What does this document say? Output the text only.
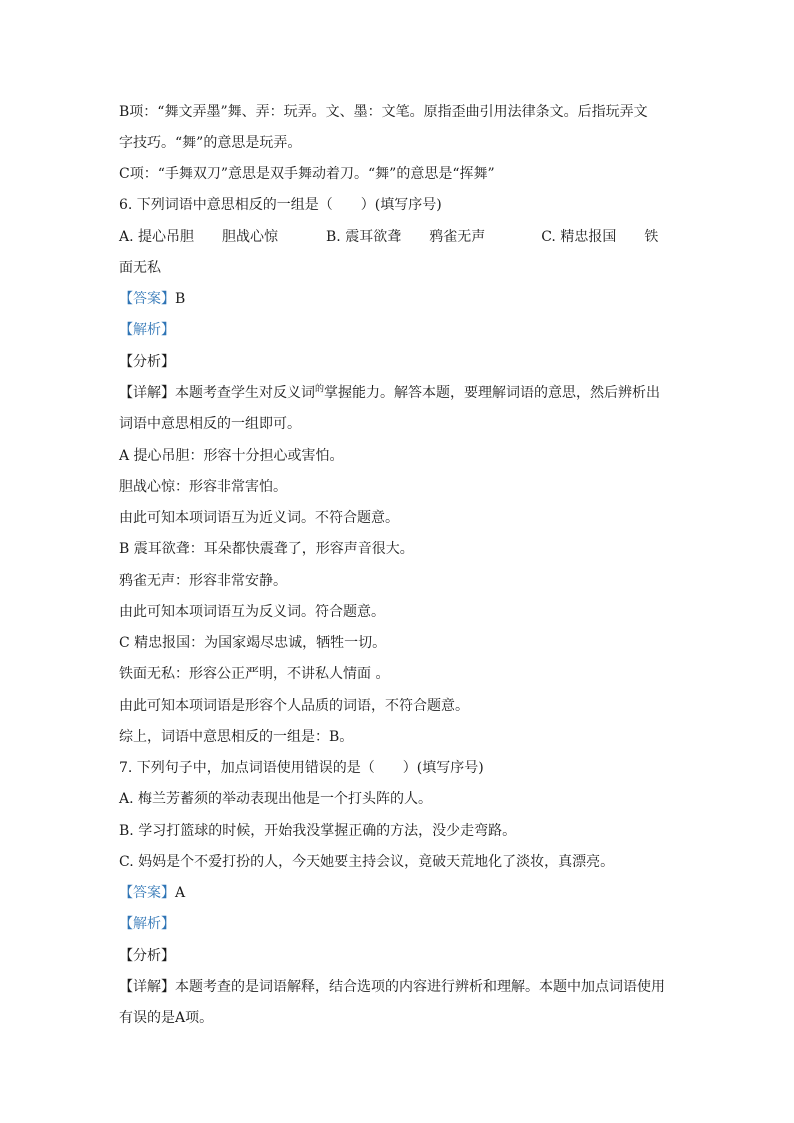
B项：“舞文弄墨”舞、弄：玩弄。文、墨：文笔。原指歪曲引用法律条文。后指玩弄文
字技巧。“舞”的意思是玩弄。
C项：“手舞双刀”意思是双手舞动着刀。“舞”的意思是“挥舞”
6. 下列词语中意思相反的一组是（　　）(填写序号)
A. 提心吊胆　　胆战心惊	B. 震耳欲聋　　鸦雀无声	C. 精忠报国　　铁
面无私
【答案】B
【解析】
【分析】
【详解】本题考查学生对反义词$^的$掌握能力。解答本题，要理解词语的意思，然后辨析出
词语中意思相反的一组即可。
A 提心吊胆：形容十分担心或害怕。
胆战心惊：形容非常害怕。
由此可知本项词语互为近义词。不符合题意。
B 震耳欲聋：耳朵都快震聋了，形容声音很大。
鸦雀无声：形容非常安静。
由此可知本项词语互为反义词。符合题意。
C 精忠报国：为国家竭尽忠诚，牺牲一切。
铁面无私：形容公正严明，不讲私人情面 。
由此可知本项词语是形容个人品质的词语，不符合题意。
综上，词语中意思相反的一组是：B。
7. 下列句子中，加点词语使用错误的是（　　）(填写序号)
A. 梅兰芳蓄须的举动表现出他是一个打头阵的人。
B. 学习打篮球的时候，开始我没掌握正确的方法，没少走弯路。
C. 妈妈是个不爱打扮的人，今天她要主持会议，竟破天荒地化了淡妆，真漂亮。
【答案】A
【解析】
【分析】
【详解】本题考查的是词语解释，结合选项的内容进行辨析和理解。本题中加点词语使用
有误的是A项。
